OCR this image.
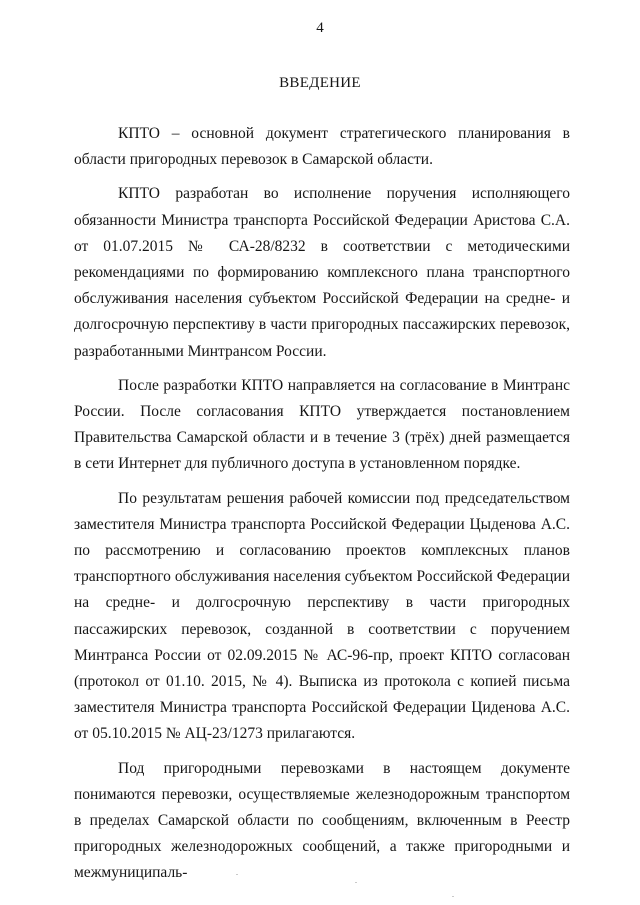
4
ВВЕДЕНИЕ

КПТО – основной документ стратегического планирования в области пригородных перевозок в Самарской области.

КПТО разработан во исполнение поручения исполняющего обязанности Министра транспорта Российской Федерации Аристова С.А. от 01.07.2015 № СА-28/8232 в соответствии с методическими рекомендациями по формированию комплексного плана транспортного обслуживания населения субъектом Российской Федерации на средне- и долгосрочную перспективу в части пригородных пассажирских перевозок, разработанными Минтрансом России.

После разработки КПТО направляется на согласование в Минтранс России. После согласования КПТО утверждается постановлением Правительства Самарской области и в течение 3 (трёх) дней размещается в сети Интернет для публичного доступа в установленном порядке.

По результатам решения рабочей комиссии под председательством заместителя Министра транспорта Российской Федерации Цыденова А.С. по рассмотрению и согласованию проектов комплексных планов транспортного обслуживания населения субъектом Российской Федерации на средне- и долгосрочную перспективу в части пригородных пассажирских перевозок, созданной в соответствии с поручением Минтранса России от 02.09.2015 № АС-96-пр, проект КПТО согласован (протокол от 01.10. 2015, № 4). Выписка из протокола с копией письма заместителя Министра транспорта Российской Федерации Циденова А.С. от 05.10.2015 № АЦ-23/1273 прилагаются.

Под пригородными перевозками в настоящем документе понимаются перевозки, осуществляемые железнодорожным транспортом в пределах Самарской области по сообщениям, включенным в Реестр пригородных железнодорожных сообщений, а также пригородными и межмуниципаль-
